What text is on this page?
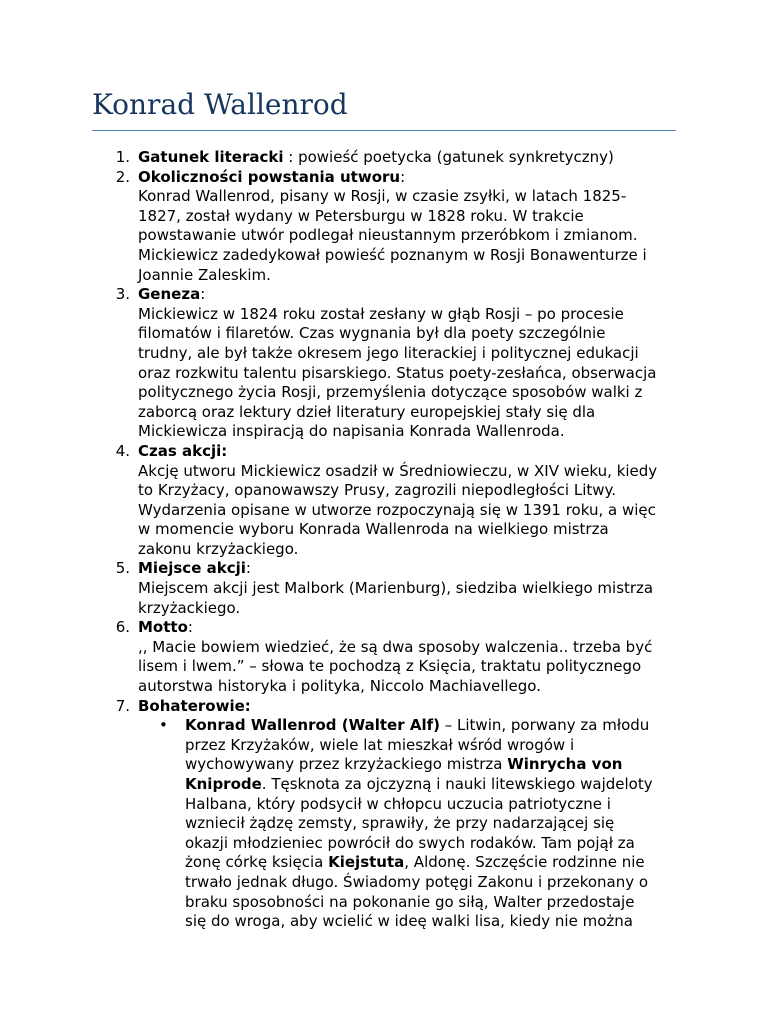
Konrad Wallenrod
1. Gatunek literacki : powieść poetycka (gatunek synkretyczny)
2. Okoliczności powstania utworu:
Konrad Wallenrod, pisany w Rosji, w czasie zsyłki, w latach 1825-
1827, został wydany w Petersburgu w 1828 roku. W trakcie
powstawanie utwór podlegał nieustannym przeróbkom i zmianom.
Mickiewicz zadedykował powieść poznanym w Rosji Bonawenturze i
Joannie Zaleskim.
3. Geneza:
Mickiewicz w 1824 roku został zesłany w głąb Rosji – po procesie
filomatów i filaretów. Czas wygnania był dla poety szczególnie
trudny, ale był także okresem jego literackiej i politycznej edukacji
oraz rozkwitu talentu pisarskiego. Status poety-zesłańca, obserwacja
politycznego życia Rosji, przemyślenia dotyczące sposobów walki z
zaborcą oraz lektury dzieł literatury europejskiej stały się dla
Mickiewicza inspiracją do napisania Konrada Wallenroda.
4. Czas akcji:
Akcję utworu Mickiewicz osadził w Średniowieczu, w XIV wieku, kiedy
to Krzyżacy, opanowawszy Prusy, zagrozili niepodległości Litwy.
Wydarzenia opisane w utworze rozpoczynają się w 1391 roku, a więc
w momencie wyboru Konrada Wallenroda na wielkiego mistrza
zakonu krzyżackiego.
5. Miejsce akcji:
Miejscem akcji jest Malbork (Marienburg), siedziba wielkiego mistrza
krzyżackiego.
6. Motto:
,, Macie bowiem wiedzieć, że są dwa sposoby walczenia.. trzeba być
lisem i lwem.” – słowa te pochodzą z Księcia, traktatu politycznego
autorstwa historyka i polityka, Niccolo Machiavellego.
7. Bohaterowie:
• Konrad Wallenrod (Walter Alf) – Litwin, porwany za młodu
przez Krzyżaków, wiele lat mieszkał wśród wrogów i
wychowywany przez krzyżackiego mistrza Winrycha von
Kniprode. Tęsknota za ojczyzną i nauki litewskiego wajdeloty
Halbana, który podsycił w chłopcu uczucia patriotyczne i
wzniecił żądzę zemsty, sprawiły, że przy nadarzającej się
okazji młodzieniec powrócił do swych rodaków. Tam pojął za
żonę córkę księcia Kiejstuta, Aldonę. Szczęście rodzinne nie
trwało jednak długo. Świadomy potęgi Zakonu i przekonany o
braku sposobności na pokonanie go siłą, Walter przedostaje
się do wroga, aby wcielić w ideę walki lisa, kiedy nie można
